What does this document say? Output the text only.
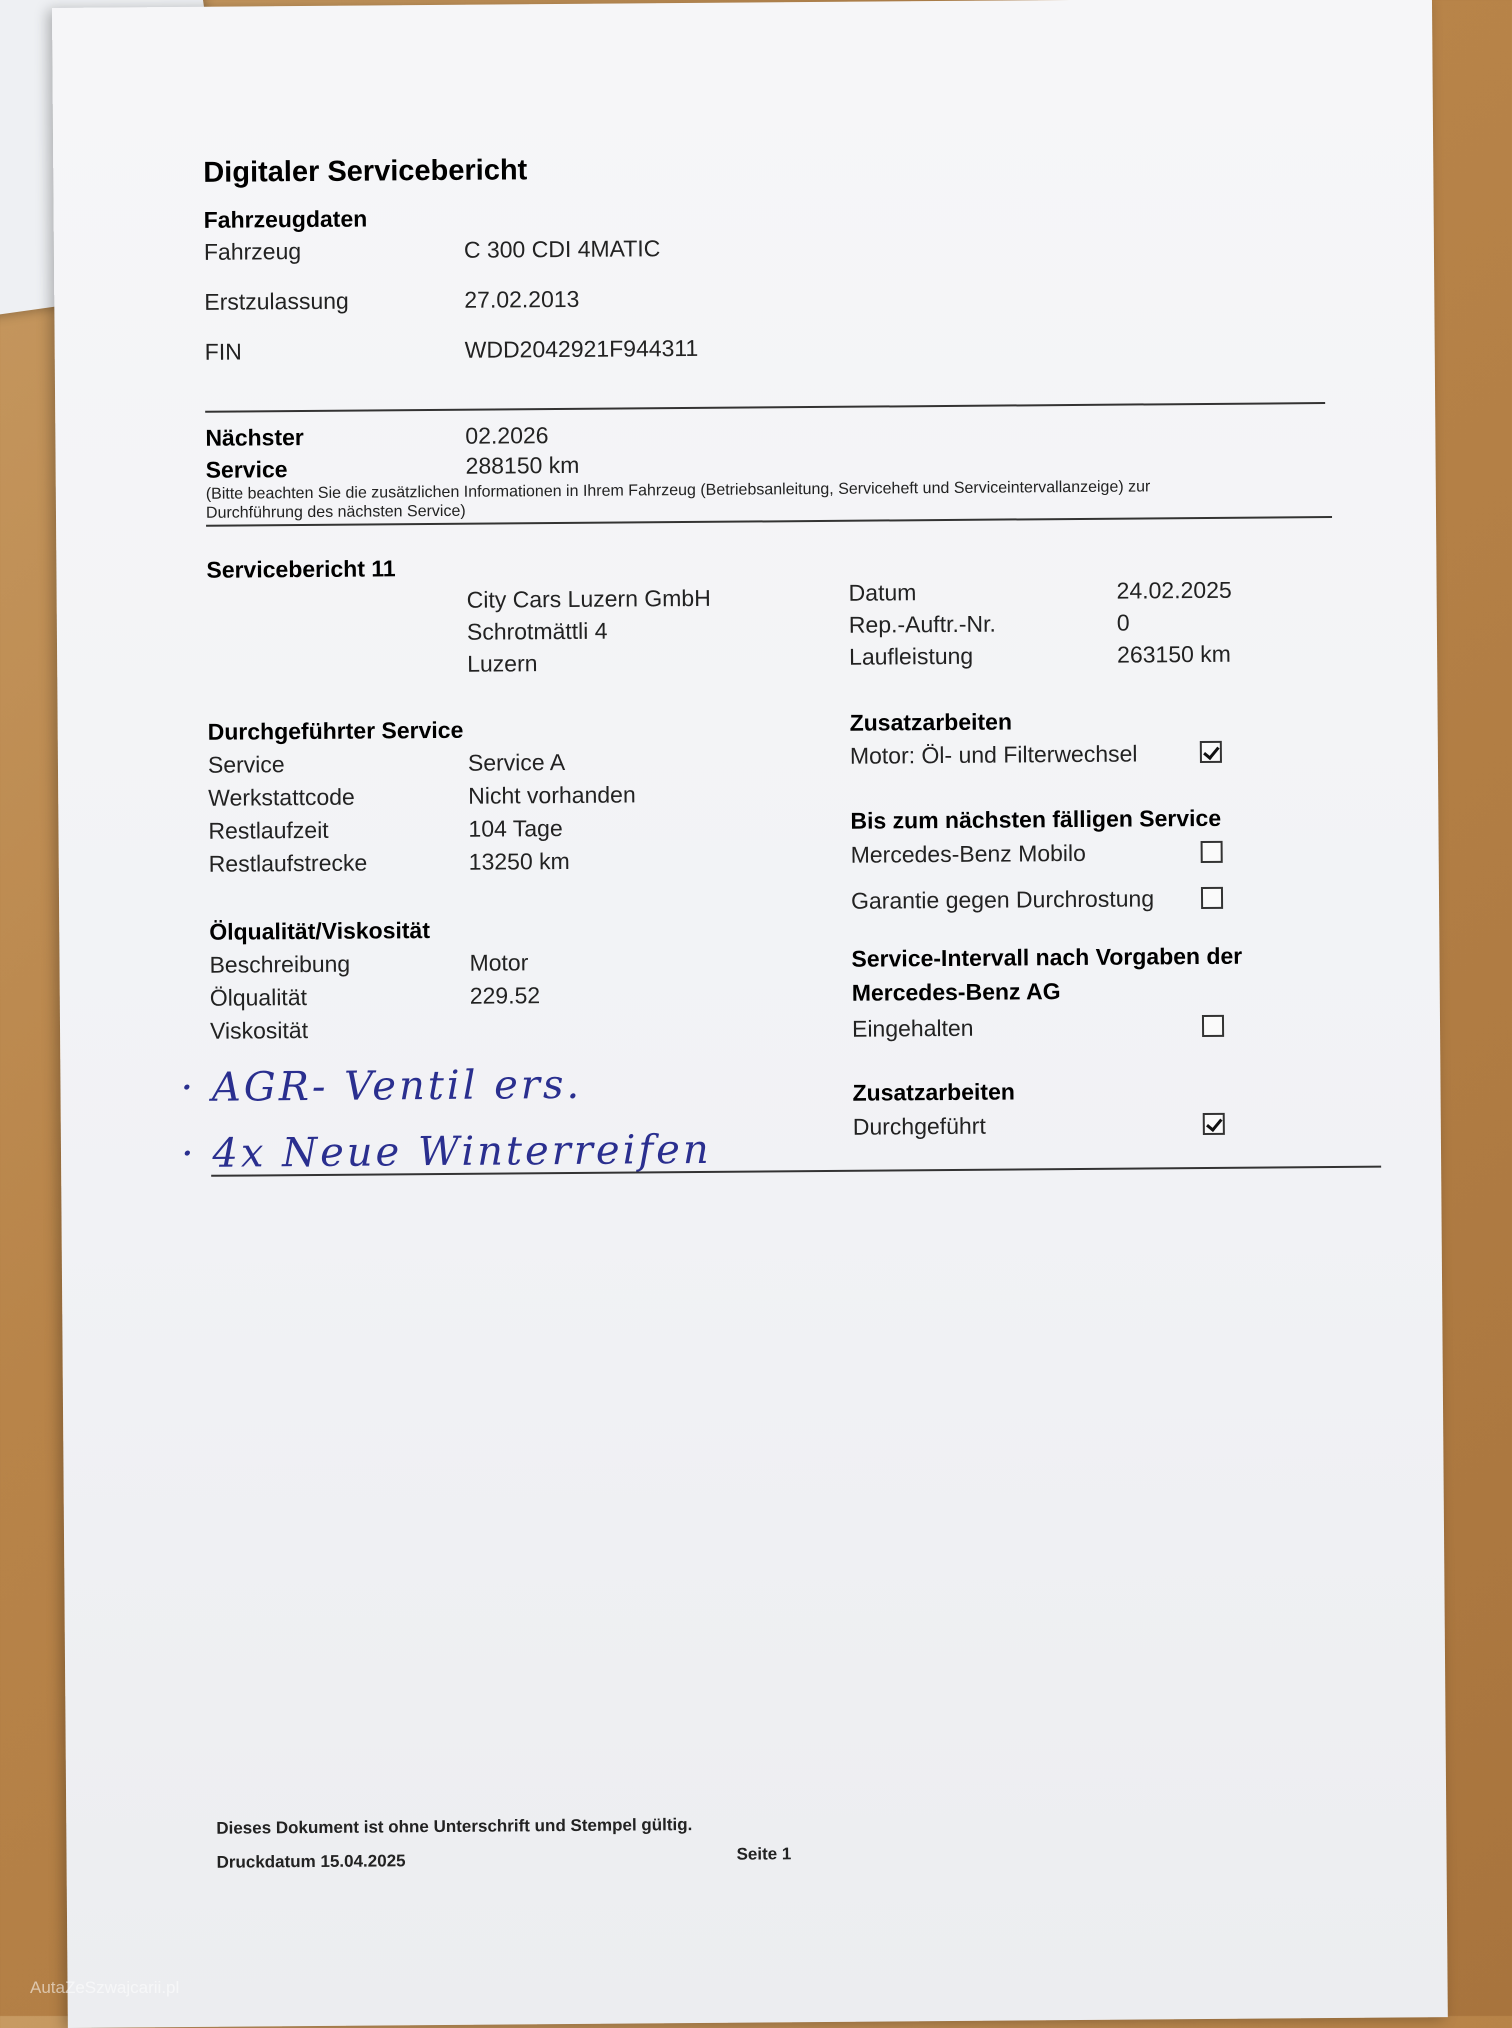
Digitaler Servicebericht
Fahrzeugdaten
Fahrzeug	C 300 CDI 4MATIC
Erstzulassung	27.02.2013
FIN	WDD2042921F944311
Nächster
Service
02.2026
288150 km
(Bitte beachten Sie die zusätzlichen Informationen in Ihrem Fahrzeug (Betriebsanleitung, Serviceheft und Serviceintervallanzeige) zur
Durchführung des nächsten Service)
Servicebericht 11
City Cars Luzern GmbH
Schrotmättli 4
Luzern
Datum	24.02.2025
Rep.-Auftr.-Nr.	0
Laufleistung	263150 km
Durchgeführter Service
Service	Service A
Werkstattcode	Nicht vorhanden
Restlaufzeit	104 Tage
Restlaufstrecke	13250 km
Ölqualität/Viskosität
Beschreibung	Motor
Ölqualität	229.52
Viskosität
Zusatzarbeiten
Motor: Öl- und Filterwechsel
Bis zum nächsten fälligen Service
Mercedes-Benz Mobilo
Garantie gegen Durchrostung
Service-Intervall nach Vorgaben der
Mercedes-Benz AG
Eingehalten
Zusatzarbeiten
Durchgeführt
· AGR- Ventil ers.
· 4x Neue Winterreifen
Dieses Dokument ist ohne Unterschrift und Stempel gültig.
Druckdatum 15.04.2025	Seite 1
AutaZeSzwajcarii.pl
